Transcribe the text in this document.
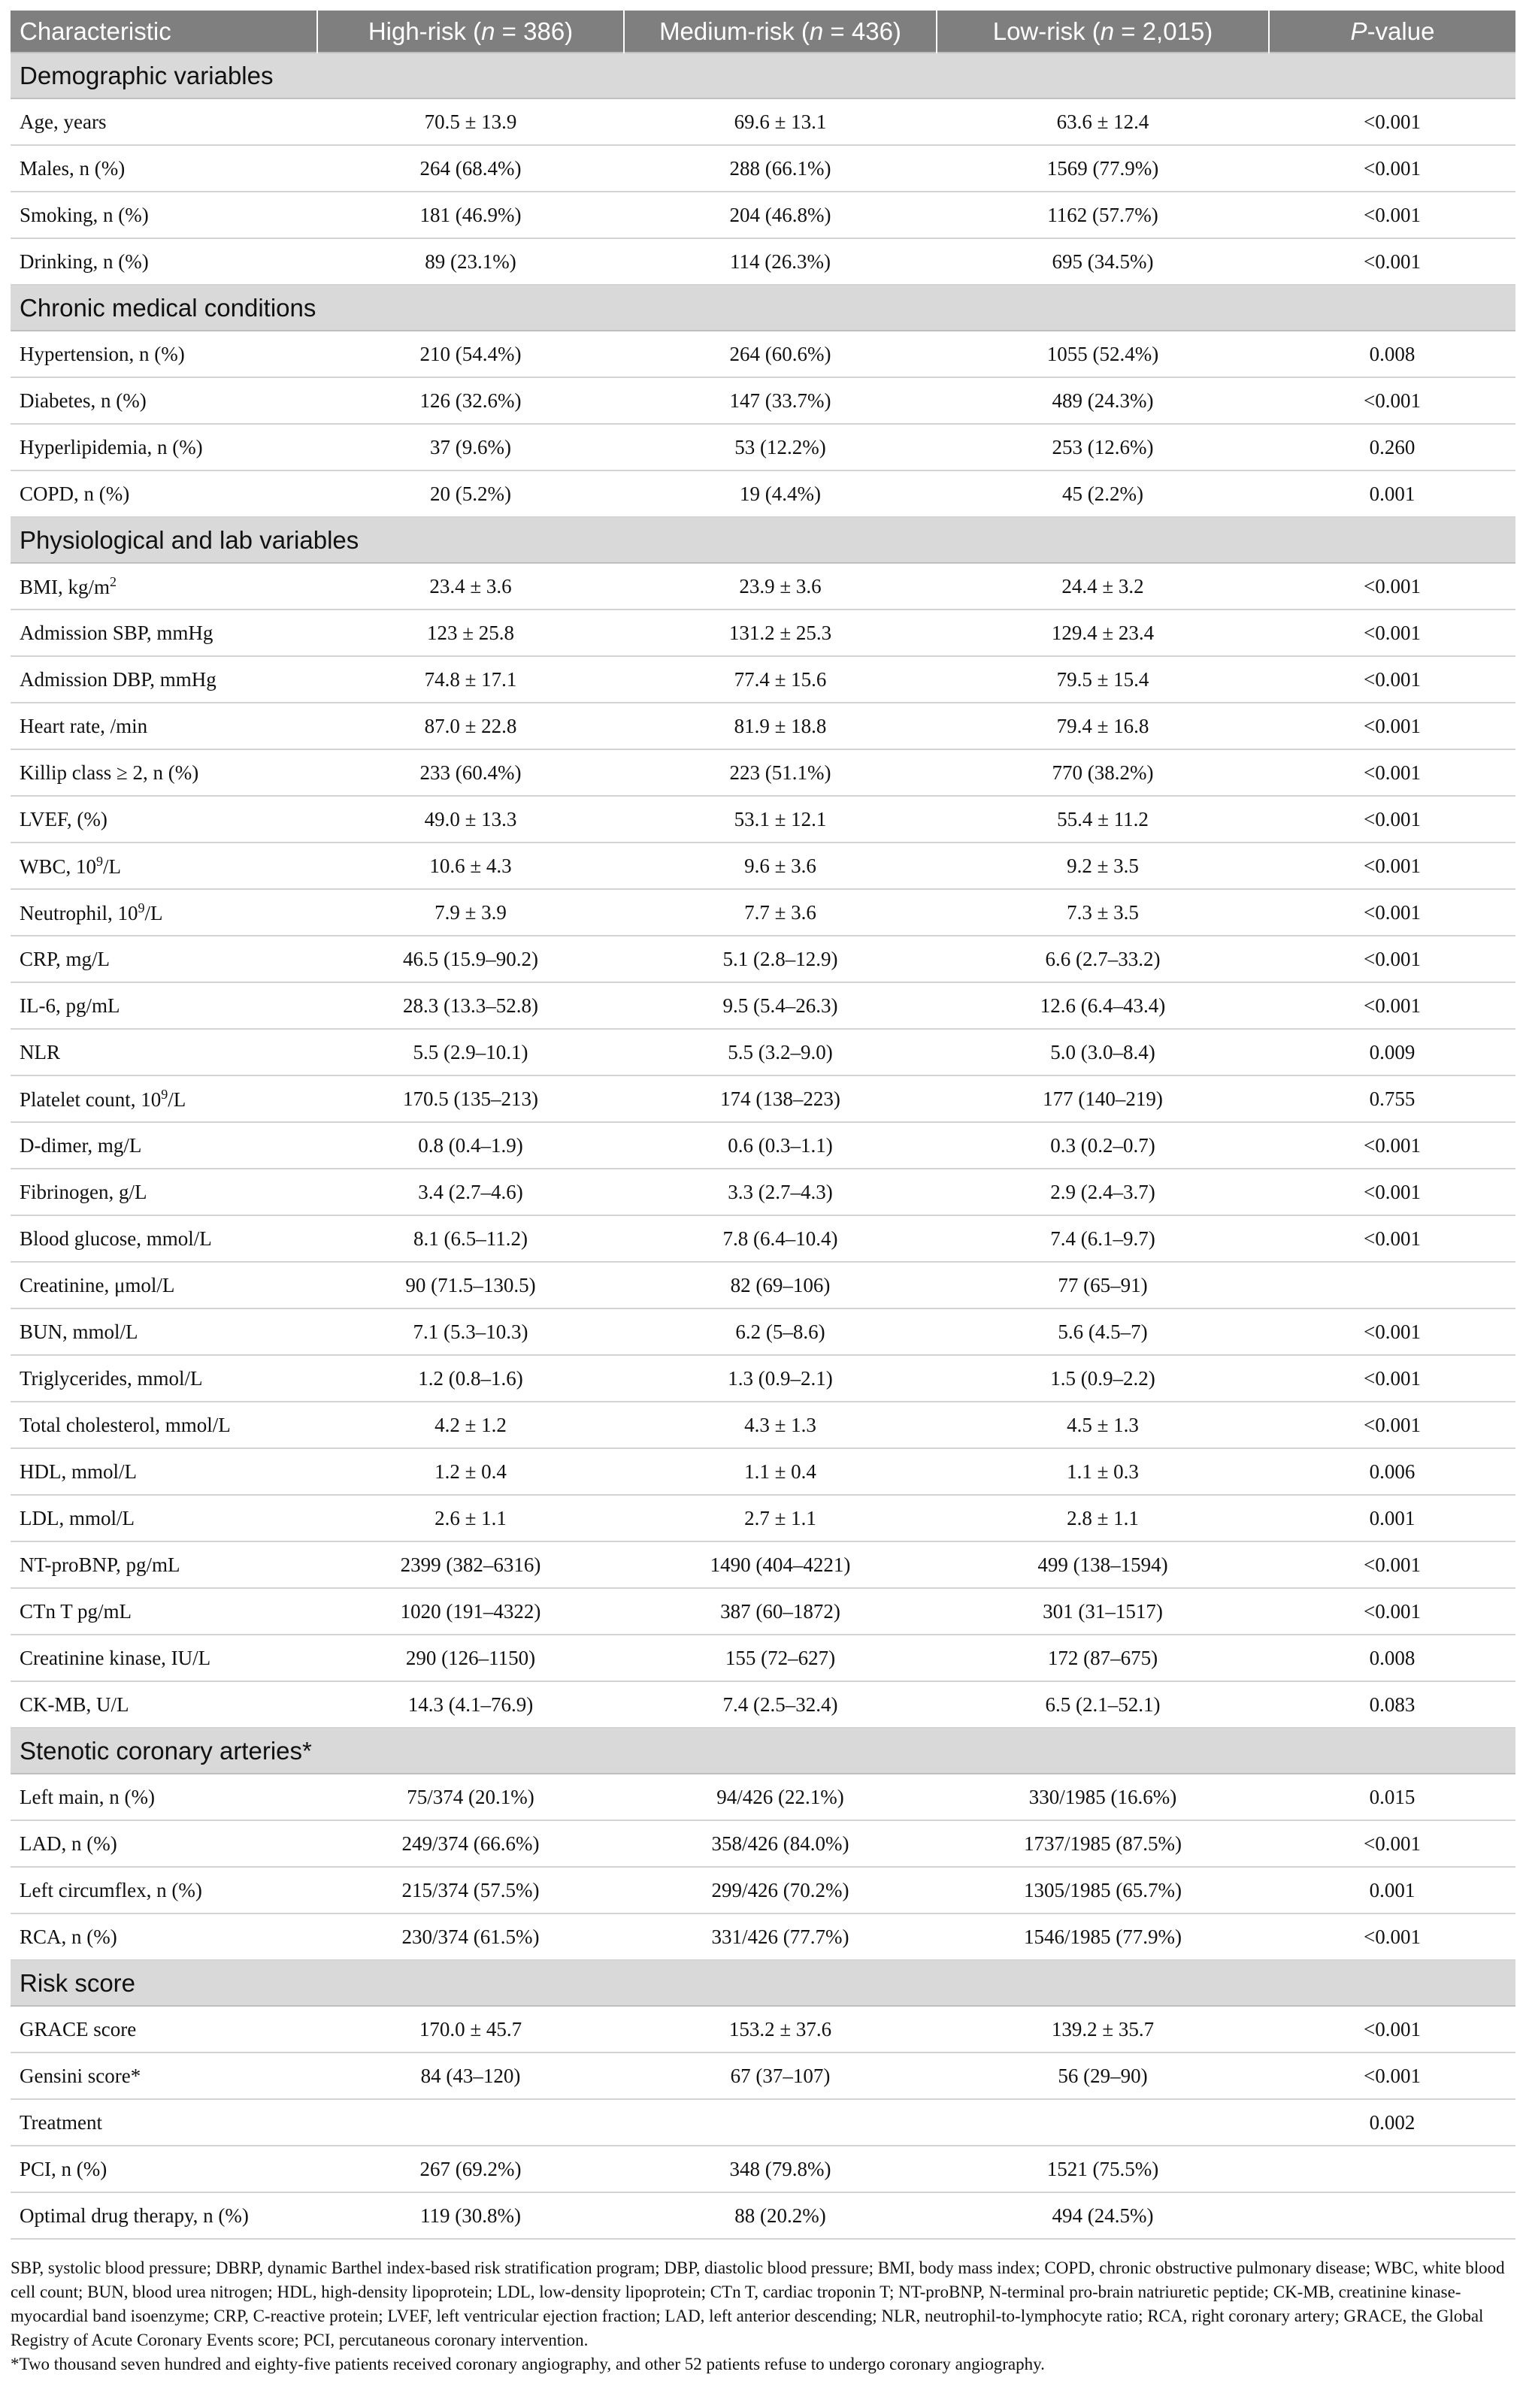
Characteristic	High-risk (n = 386)	Medium-risk (n = 436)	Low-risk (n = 2,015)	P-value
Demographic variables				
Age, years	70.5 ± 13.9	69.6 ± 13.1	63.6 ± 12.4	<0.001
Males, n (%)	264 (68.4%)	288 (66.1%)	1569 (77.9%)	<0.001
Smoking, n (%)	181 (46.9%)	204 (46.8%)	1162 (57.7%)	<0.001
Drinking, n (%)	89 (23.1%)	114 (26.3%)	695 (34.5%)	<0.001
Chronic medical conditions				
Hypertension, n (%)	210 (54.4%)	264 (60.6%)	1055 (52.4%)	0.008
Diabetes, n (%)	126 (32.6%)	147 (33.7%)	489 (24.3%)	<0.001
Hyperlipidemia, n (%)	37 (9.6%)	53 (12.2%)	253 (12.6%)	0.260
COPD, n (%)	20 (5.2%)	19 (4.4%)	45 (2.2%)	0.001
Physiological and lab variables				
BMI, $kg/m^2$	23.4 ± 3.6	23.9 ± 3.6	24.4 ± 3.2	<0.001
Admission SBP, mmHg	123 ± 25.8	131.2 ± 25.3	129.4 ± 23.4	<0.001
Admission DBP, mmHg	74.8 ± 17.1	77.4 ± 15.6	79.5 ± 15.4	<0.001
Heart rate, /min	87.0 ± 22.8	81.9 ± 18.8	79.4 ± 16.8	<0.001
Killip class ≥ 2, n (%)	233 (60.4%)	223 (51.1%)	770 (38.2%)	<0.001
LVEF, (%)	49.0 ± 13.3	53.1 ± 12.1	55.4 ± 11.2	<0.001
WBC, $10^9/L$	10.6 ± 4.3	9.6 ± 3.6	9.2 ± 3.5	<0.001
Neutrophil, $10^9/L$	7.9 ± 3.9	7.7 ± 3.6	7.3 ± 3.5	<0.001
CRP, mg/L	46.5 (15.9–90.2)	5.1 (2.8–12.9)	6.6 (2.7–33.2)	<0.001
IL-6, pg/mL	28.3 (13.3–52.8)	9.5 (5.4–26.3)	12.6 (6.4–43.4)	<0.001
NLR	5.5 (2.9–10.1)	5.5 (3.2–9.0)	5.0 (3.0–8.4)	0.009
Platelet count, $10^9/L$	170.5 (135–213)	174 (138–223)	177 (140–219)	0.755
D-dimer, mg/L	0.8 (0.4–1.9)	0.6 (0.3–1.1)	0.3 (0.2–0.7)	<0.001
Fibrinogen, g/L	3.4 (2.7–4.6)	3.3 (2.7–4.3)	2.9 (2.4–3.7)	<0.001
Blood glucose, mmol/L	8.1 (6.5–11.2)	7.8 (6.4–10.4)	7.4 (6.1–9.7)	<0.001
Creatinine, μmol/L	90 (71.5–130.5)	82 (69–106)	77 (65–91)	
BUN, mmol/L	7.1 (5.3–10.3)	6.2 (5–8.6)	5.6 (4.5–7)	<0.001
Triglycerides, mmol/L	1.2 (0.8–1.6)	1.3 (0.9–2.1)	1.5 (0.9–2.2)	<0.001
Total cholesterol, mmol/L	4.2 ± 1.2	4.3 ± 1.3	4.5 ± 1.3	<0.001
HDL, mmol/L	1.2 ± 0.4	1.1 ± 0.4	1.1 ± 0.3	0.006
LDL, mmol/L	2.6 ± 1.1	2.7 ± 1.1	2.8 ± 1.1	0.001
NT-proBNP, pg/mL	2399 (382–6316)	1490 (404–4221)	499 (138–1594)	<0.001
CTn T pg/mL	1020 (191–4322)	387 (60–1872)	301 (31–1517)	<0.001
Creatinine kinase, IU/L	290 (126–1150)	155 (72–627)	172 (87–675)	0.008
CK-MB, U/L	14.3 (4.1–76.9)	7.4 (2.5–32.4)	6.5 (2.1–52.1)	0.083
Stenotic coronary arteries*				
Left main, n (%)	75/374 (20.1%)	94/426 (22.1%)	330/1985 (16.6%)	0.015
LAD, n (%)	249/374 (66.6%)	358/426 (84.0%)	1737/1985 (87.5%)	<0.001
Left circumflex, n (%)	215/374 (57.5%)	299/426 (70.2%)	1305/1985 (65.7%)	0.001
RCA, n (%)	230/374 (61.5%)	331/426 (77.7%)	1546/1985 (77.9%)	<0.001
Risk score				
GRACE score	170.0 ± 45.7	153.2 ± 37.6	139.2 ± 35.7	<0.001
Gensini score*	84 (43–120)	67 (37–107)	56 (29–90)	<0.001
Treatment				0.002
PCI, n (%)	267 (69.2%)	348 (79.8%)	1521 (75.5%)	
Optimal drug therapy, n (%)	119 (30.8%)	88 (20.2%)	494 (24.5%)	

SBP, systolic blood pressure; DBRP, dynamic Barthel index-based risk stratification program; DBP, diastolic blood pressure; BMI, body mass index; COPD, chronic obstructive pulmonary disease; WBC, white blood cell count; BUN, blood urea nitrogen; HDL, high-density lipoprotein; LDL, low-density lipoprotein; CTn T, cardiac troponin T; NT-proBNP, N-terminal pro-brain natriuretic peptide; CK-MB, creatinine kinase-myocardial band isoenzyme; CRP, C-reactive protein; LVEF, left ventricular ejection fraction; LAD, left anterior descending; NLR, neutrophil-to-lymphocyte ratio; RCA, right coronary artery; GRACE, the Global Registry of Acute Coronary Events score; PCI, percutaneous coronary intervention.

*Two thousand seven hundred and eighty-five patients received coronary angiography, and other 52 patients refuse to undergo coronary angiography.
